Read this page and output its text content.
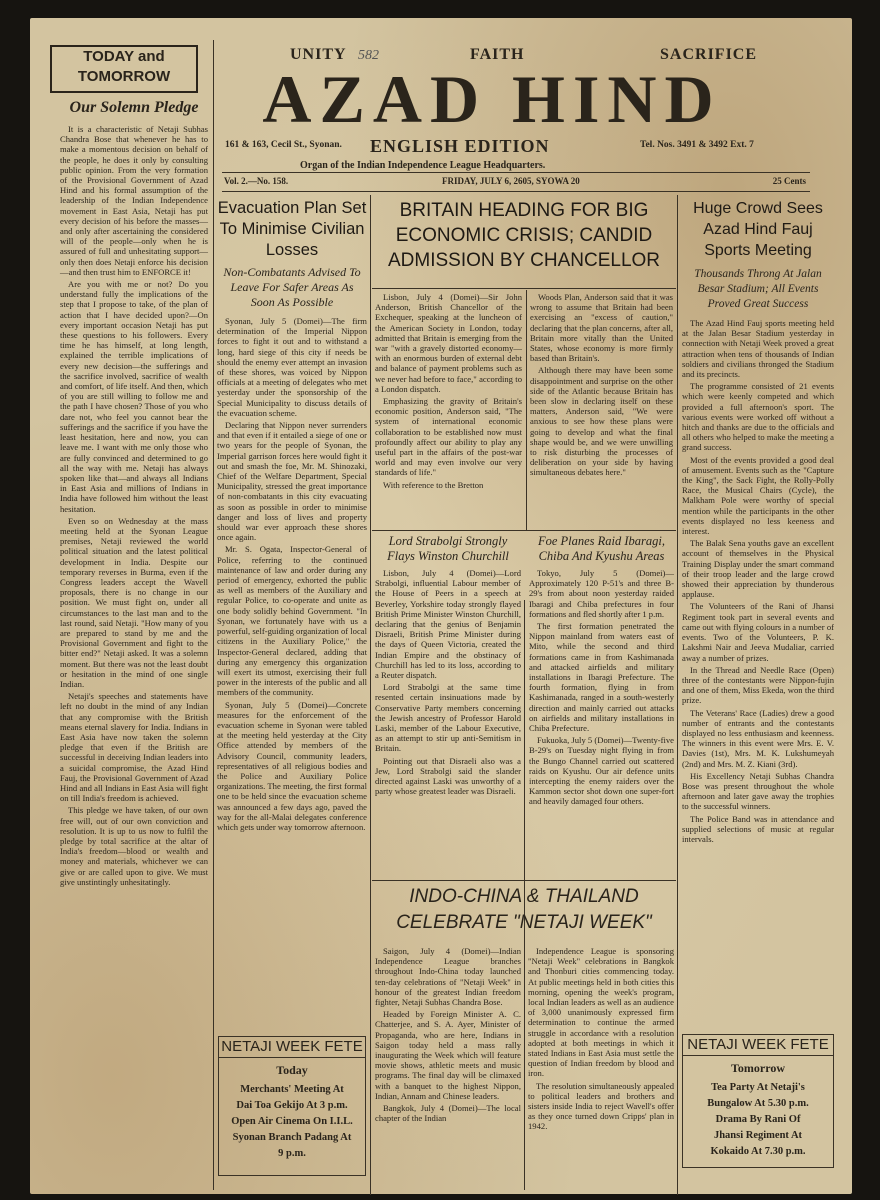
TODAY and
TOMORROW
UNITY 582	FAITH	SACRIFICE
AZAD HIND
161 & 163, Cecil St., Syonan. ENGLISH EDITION	Tel. Nos. 3491 & 3492 Ext. 7
Organ of the Indian Independence League Headquarters.
Vol. 2.—No. 158.	FRIDAY, JULY 6, 2605, SYOWA 20	25 Cents
Our Solemn Pledge

It is a characteristic of Netaji Subhas Chandra Bose that whenever he has to make a momentous decision on behalf of the people, he does it only by consulting public opinion. From the very formation of the Provisional Government of Azad Hind and his formal assumption of the leadership of the Indian Independence movement in East Asia, Netaji has put every decision of his before the masses—and only after ascertaining the considered will of the people—only when he is assured of full and unhesitating support—only then does Netaji enforce his decision—and then trust him to ENFORCE it!

Are you with me or not? Do you understand fully the implications of the step that I propose to take, of the plan of action that I have decided upon?—On every important occasion Netaji has put these questions to his followers. Every time he has himself, at long length, explained the terrible implications of every new decision—the sufferings and the sacrifice involved, sacrifice of wealth and comfort, of life itself. And then, which of you are still willing to follow me and the path I have chosen? Those of you who dare not, who feel you cannot bear the sufferings and the sacrifice if you have the least hesitation, here and now, you can leave me. I want with me only those who are fully convinced and determined to go all the way with me. Netaji has always spoken like that—and always all Indians in East Asia and millions of Indians in India have followed him without the least hesitation.

Even so on Wednesday at the mass meeting held at the Syonan League premises, Netaji reviewed the world political situation and the latest political development in India. Despite our temporary reverses in Burma, even if the Congress leaders accept the Wavell proposals, there is no change in our position. We must fight on, under all circumstances to the last man and to the last round, said Netaji. "How many of you are prepared to stand by me and the Provisional Government and fight to the bitter end?" Netaji asked. It was a solemn moment. But there was not the least doubt or hesitation in the mind of one single Indian.

Netaji's speeches and statements have left no doubt in the mind of any Indian that any compromise with the British means eternal slavery for India. Indians in East Asia have now taken the solemn pledge that even if the British are successful in deceiving Indian leaders into a suicidal compromise, the Azad Hind Fauj, the Provisional Government of Azad Hind and all Indians in East Asia will fight on till India's freedom is achieved.

This pledge we have taken, of our own free will, out of our own conviction and resolution. It is up to us now to fulfil the pledge by total sacrifice at the altar of India's freedom—blood or wealth and money and materials, whichever we can give or are called upon to give. We must give unstintingly unhesitatingly.

Evacuation Plan Set To Minimise Civilian Losses
Non-Combatants Advised To Leave For Safer Areas As Soon As Possible

Syonan, July 5 (Domei)—The firm determination of the Imperial Nippon forces to fight it out and to withstand a long, hard siege of this city if needs be should the enemy ever attempt an invasion of these shores, was voiced by Nippon officials at a meeting of delegates who met yesterday under the sponsorship of the Special Municipality to discuss details of the evacuation scheme.

Declaring that Nippon never surrenders and that even if it entailed a siege of one or two years for the people of Syonan, the Imperial garrison forces here would fight it out and smash the foe, Mr. M. Shinozaki, Chief of the Welfare Department, Special Municipality, stressed the great importance of non-combatants in this city evacuating as soon as possible in order to minimise danger and loss of lives and property should war ever approach these shores once again.

Mr. S. Ogata, Inspector-General of Police, referring to the continued maintenance of law and order during any period of emergency, exhorted the public as well as members of the Auxiliary and regular Police, to co-operate and unite as one body solidly behind Government. "In Syonan, we fortunately have with us a powerful, self-guiding organization of local citizens in the Auxiliary Police," the Inspector-General declared, adding that during any emergency this organization will exert its utmost, exercising their full power in the interests of the public and all members of the community.

Syonan, July 5 (Domei)—Concrete measures for the enforcement of the evacuation scheme in Syonan were tabled at the meeting held yesterday at the City Office attended by members of the Advisory Council, community leaders, representatives of all religious bodies and the Police and Auxiliary Police organizations. The meeting, the first formal one to be held since the evacuation scheme was announced a few days ago, paved the way for the all-Malai delegates conference which gets under way tomorrow afternoon.

NETAJI WEEK FETE
Today
Merchants' Meeting At
Dai Toa Gekijo At 3 p.m.
Open Air Cinema On I.I.L.
Syonan Branch Padang At
9 p.m.
BRITAIN HEADING FOR BIG ECONOMIC CRISIS; CANDID ADMISSION BY CHANCELLOR

Lisbon, July 4 (Domei)—Sir John Anderson, British Chancellor of the Exchequer, speaking at the luncheon of the American Society in London, today admitted that Britain is emerging from the war "with a gravely distorted economy—with an enormous burden of external debt and balance of payment problems such as we never had before to face," according to a London dispatch.

Emphasizing the gravity of Britain's economic position, Anderson said, "The system of international economic collaboration to be established now must profoundly affect our ability to play any useful part in the affairs of the post-war world and may even involve our very standards of life."

With reference to the Bretton

Woods Plan, Anderson said that it was wrong to assume that Britain had been exercising an "excess of caution," declaring that the plan concerns, after all, Britain more vitally than the United States, whose economy is more firmly based than Britain's.

Although there may have been some disappointment and surprise on the other side of the Atlantic because Britain has been slow in declaring itself on these matters, Anderson said, "We were anxious to see how these plans were going to develop and what the final shape would be, and we were unwilling to risk disturbing the processes of deliberation on your side by having simultaneous debates here."

Lord Strabolgi Strongly Flays Winston Churchill

Lisbon, July 4 (Domei)—Lord Strabolgi, influential Labour member of the House of Peers in a speech at Beverley, Yorkshire today strongly flayed British Prime Minister Winston Churchill, declaring that the genius of Benjamin Disraeli, British Prime Minister during the days of Queen Victoria, created the Indian Empire and the obstinacy of Churchill has led to its loss, according to a Reuter dispatch.

Lord Strabolgi at the same time resented certain insinuations made by Conservative Party members concerning the Jewish ancestry of Professor Harold Laski, member of the Labour Executive, as an attempt to stir up anti-Semitism in Britain.

Pointing out that Disraeli also was a Jew, Lord Strabolgi said the slander directed against Laski was unworthy of a party whose greatest leader was Disraeli.

Foe Planes Raid Ibaragi, Chiba And Kyushu Areas

Tokyo, July 5 (Domei)—Approximately 120 P-51's and three B-29's from about noon yesterday raided Ibaragi and Chiba prefectures in four formations and fled shortly after 1 p.m.

The first formation penetrated the Nippon mainland from waters east of Mito, while the second and third formations came in from Kashimanada and attacked airfields and military installations in Ibaragi Prefecture. The fourth formation, flying in from Kashimanada, ranged in a south-westerly direction and mainly carried out attacks on airfields and military installations in Chiba Prefecture.

Fukuoka, July 5 (Domei)—Twenty-five B-29's on Tuesday night flying in from the Bungo Channel carried out scattered raids on Kyushu. Our air defence units intercepting the enemy raiders over the Kammon sector shot down one super-fort and heavily damaged four others.

INDO-CHINA & THAILAND CELEBRATE "NETAJI WEEK"

Saigon, July 4 (Domei)—Indian Independence League branches throughout Indo-China today launched ten-day celebrations of "Netaji Week" in honour of the greatest Indian freedom fighter, Netaji Subhas Chandra Bose.

Headed by Foreign Minister A. C. Chatterjee, and S. A. Ayer, Minister of Propaganda, who are here, Indians in Saigon today held a mass rally inaugurating the Week which will feature movie shows, athletic meets and music programs. The final day will be climaxed with a banquet to the highest Nippon, Indian, Annam and Chinese leaders.

Bangkok, July 4 (Domei)—The local chapter of the Indian

Independence League is sponsoring "Netaji Week" celebrations in Bangkok and Thonburi cities commencing today. At public meetings held in both cities this morning, opening the week's program, local Indian leaders as well as an audience of 3,000 unanimously expressed firm determination to continue the armed struggle in accordance with a resolution adopted at both meetings in which it stated Indians in East Asia must settle the question of Indian freedom by blood and iron.

The resolution simultaneously appealed to political leaders and brothers and sisters inside India to reject Wavell's offer as they once turned down Cripps' plan in 1942.

Huge Crowd Sees Azad Hind Fauj Sports Meeting
Thousands Throng At Jalan Besar Stadium; All Events Proved Great Success

The Azad Hind Fauj sports meeting held at the Jalan Besar Stadium yesterday in connection with Netaji Week proved a great attraction when tens of thousands of Indian soldiers and civilians thronged the Stadium and its precincts.

The programme consisted of 21 events which were keenly competed and which provided a full afternoon's sport. The various events were worked off without a hitch and thanks are due to the officials and all others who helped to make the meeting a grand success.

Most of the events provided a good deal of amusement. Events such as the "Capture the King", the Sack Fight, the Rolly-Polly Race, the Musical Chairs (Cycle), the Malkham Pole were worthy of special mention while the participants in the other events displayed no less keeness and interest.

The Balak Sena youths gave an excellent account of themselves in the Physical Training Display under the smart command of their troop leader and the large crowd showed their appreciation by thunderous applause.

The Volunteers of the Rani of Jhansi Regiment took part in several events and came out with flying colours in a number of events. Two of the Volunteers, P. K. Lakshmi Nair and Jeeva Mudaliar, carried away a number of prizes.

In the Thread and Needle Race (Open) three of the contestants were Nippon-fujin and one of them, Miss Ekeda, won the third prize.

The Veterans' Race (Ladies) drew a good number of entrants and the contestants displayed no less enthusiasm and keenness. The winners in this event were Mrs. E. V. Davies (1st), Mrs. M. K. Lukshumeyah (2nd) and Mrs. M. Z. Kiani (3rd).

His Excellency Netaji Subhas Chandra Bose was present throughout the whole afternoon and later gave away the trophies to the successful winners.

The Police Band was in attendance and supplied selections of music at regular intervals.

NETAJI WEEK FETE
Tomorrow
Tea Party At Netaji's
Bungalow At 5.30 p.m.
Drama By Rani Of
Jhansi Regiment At
Kokaido At 7.30 p.m.
